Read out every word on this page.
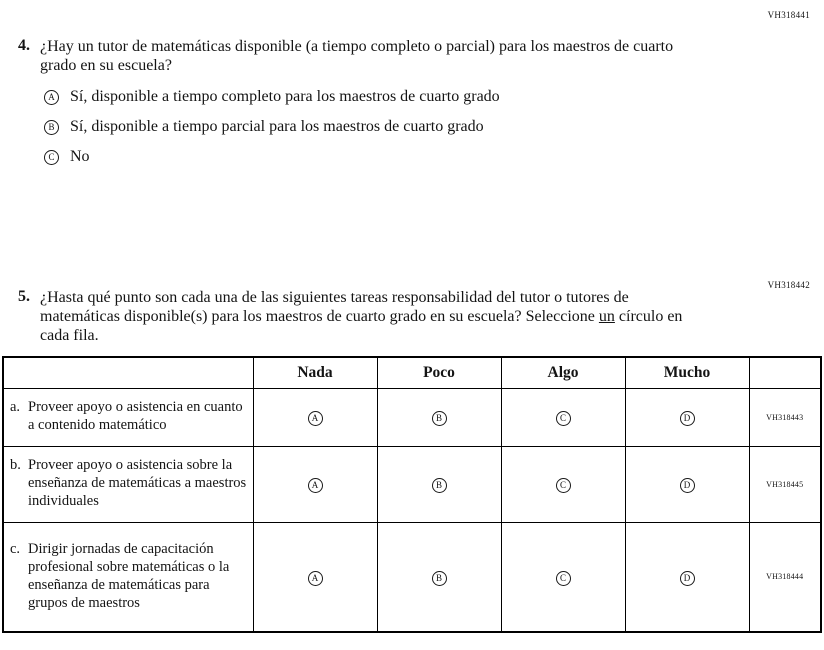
VH318441
VH318442
4. ¿Hay un tutor de matemáticas disponible (a tiempo completo o parcial) para los maestros de cuarto grado en su escuela?
A Sí, disponible a tiempo completo para los maestros de cuarto grado
B Sí, disponible a tiempo parcial para los maestros de cuarto grado
C No
5. ¿Hasta qué punto son cada una de las siguientes tareas responsabilidad del tutor o tutores de matemáticas disponible(s) para los maestros de cuarto grado en su escuela? Seleccione un círculo en cada fila.
	Nada	Poco	Algo	Mucho	

a. Proveer apoyo o asistencia en cuanto a contenido matemático	A	B	C	D	VH318443

b. Proveer apoyo o asistencia sobre la enseñanza de matemáticas a maestros individuales	A	B	C	D	VH318445

c. Dirigir jornadas de capacitación profesional sobre matemáticas o la enseñanza de matemáticas para grupos de maestros	A	B	C	D	VH318444
